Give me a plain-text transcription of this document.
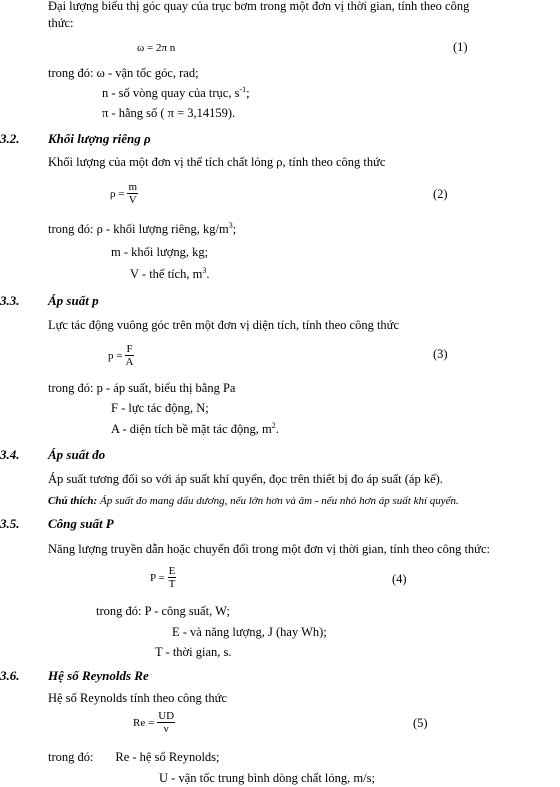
Đại lượng biểu thị góc quay của trục bơm trong một đơn vị thời gian, tính theo công
thức:
ω = 2π n	(1)
trong đó: ω - vận tốc góc, rad;
n - số vòng quay của trục, $s^{-1}$;
π - hằng số ( π = 3,14159).
3.2. Khối lượng riêng ρ
Khối lượng của một đơn vị thể tích chất lỏng ρ, tính theo công thức
$\rho = \frac{m}{V}$	(2)
trong đó: ρ - khối lượng riêng, $kg/m^3$;
m - khối lượng, kg;
V - thể tích, $m^3$.
3.3. Áp suất p
Lực tác động vuông góc trên một đơn vị diện tích, tính theo công thức
$p = \frac{F}{A}$	(3)
trong đó: p - áp suất, biểu thị bằng Pa
F - lực tác động, N;
A - diện tích bề mặt tác động, $m^2$.
3.4. Áp suất đo
Áp suất tương đối so với áp suất khí quyển, đọc trên thiết bị đo áp suất (áp kế).
Chú thích: Áp suất đo mang dấu dương, nếu lớn hơn và âm - nếu nhỏ hơn áp suất khí quyển.
3.5. Công suất P
Năng lượng truyền dẫn hoặc chuyển đổi trong một đơn vị thời gian, tính theo công thức:
$P = \frac{E}{T}$	(4)
trong đó: P - công suất, W;
E - và năng lượng, J (hay Wh);
T - thời gian, s.
3.6. Hệ số Reynolds Re
Hệ số Reynolds tính theo công thức
$Re = \frac{UD}{\nu}$	(5)
trong đó:       Re - hệ số Reynolds;
U - vận tốc trung bình dòng chất lỏng, m/s;
